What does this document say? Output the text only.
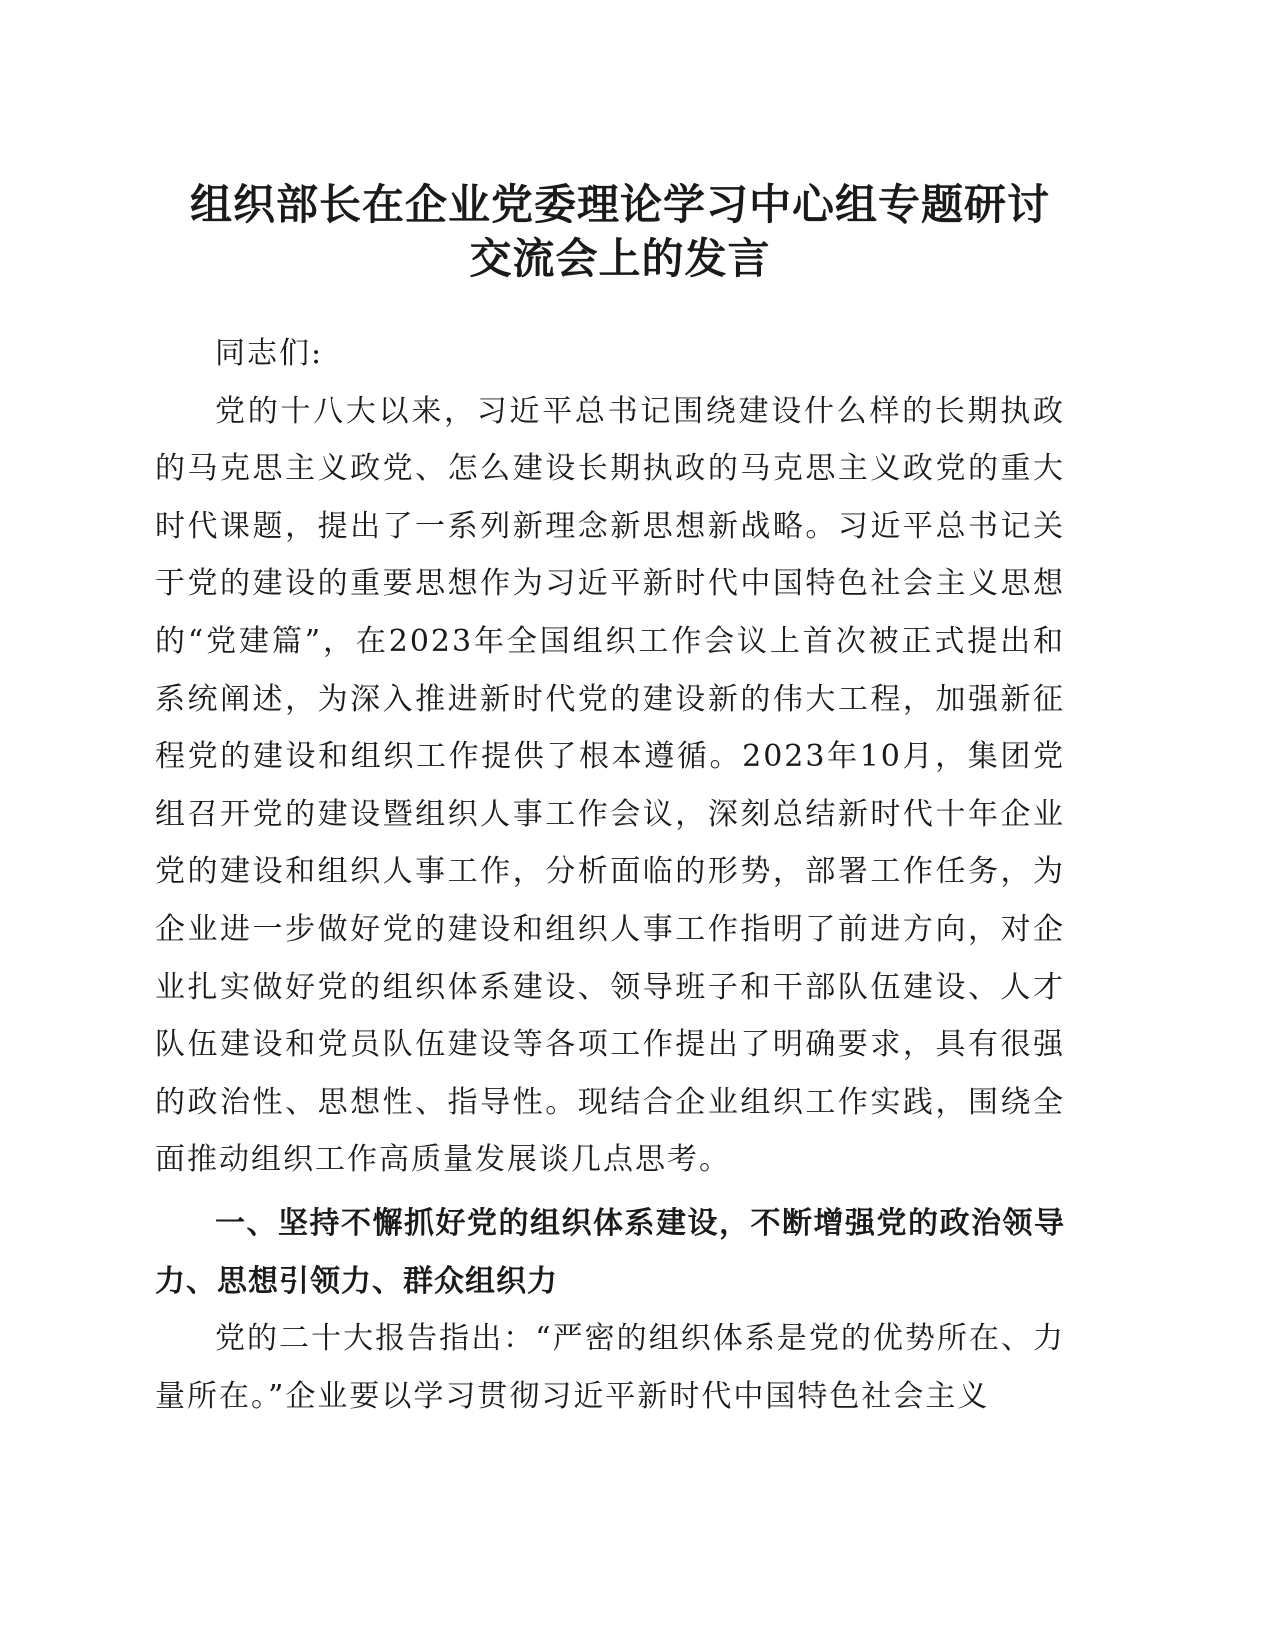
组织部长在企业党委理论学习中心组专题研讨
交流会上的发言

同志们:

党的十八大以来，习近平总书记围绕建设什么样的长期执政的马克思主义政党、怎么建设长期执政的马克思主义政党的重大时代课题，提出了一系列新理念新思想新战略。习近平总书记关于党的建设的重要思想作为习近平新时代中国特色社会主义思想的“党建篇”，在2023年全国组织工作会议上首次被正式提出和系统阐述，为深入推进新时代党的建设新的伟大工程，加强新征程党的建设和组织工作提供了根本遵循。2023年10月，集团党组召开党的建设暨组织人事工作会议，深刻总结新时代十年企业党的建设和组织人事工作，分析面临的形势，部署工作任务，为企业进一步做好党的建设和组织人事工作指明了前进方向，对企业扎实做好党的组织体系建设、领导班子和干部队伍建设、人才队伍建设和党员队伍建设等各项工作提出了明确要求，具有很强的政治性、思想性、指导性。现结合企业组织工作实践，围绕全面推动组织工作高质量发展谈几点思考。

一、坚持不懈抓好党的组织体系建设，不断增强党的政治领导力、思想引领力、群众组织力

党的二十大报告指出：“严密的组织体系是党的优势所在、力量所在。”企业要以学习贯彻习近平新时代中国特色社会主义
